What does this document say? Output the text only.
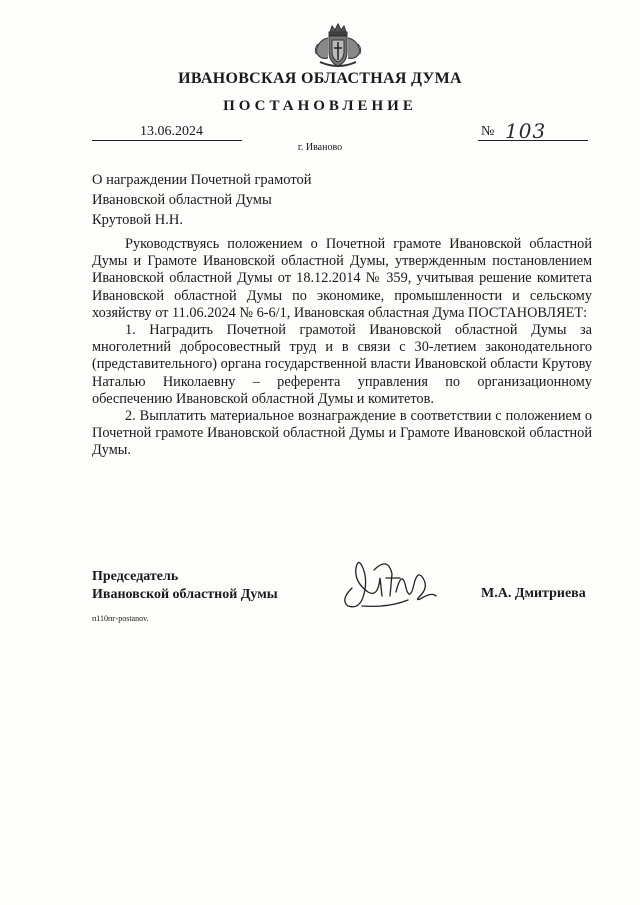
ИВАНОВСКАЯ ОБЛАСТНАЯ ДУМА
ПОСТАНОВЛЕНИЕ
13.06.2024	№ 103
г. Иваново
О награждении Почетной грамотой
Ивановской областной Думы
Крутовой Н.Н.

Руководствуясь положением о Почетной грамоте Ивановской областной Думы и Грамоте Ивановской областной Думы, утвержденным постановлением Ивановской областной Думы от 18.12.2014 № 359, учитывая решение комитета Ивановской областной Думы по экономике, промышленности и сельскому хозяйству от 11.06.2024 № 6-6/1, Ивановская областная Дума ПОСТАНОВЛЯЕТ:

1. Наградить Почетной грамотой Ивановской областной Думы за многолетний добросовестный труд и в связи с 30-летием законодательного (представительного) органа государственной власти Ивановской области Крутову Наталью Николаевну – референта управления по организационному обеспечению Ивановской областной Думы и комитетов.

2. Выплатить материальное вознаграждение в соответствии с положением о Почетной грамоте Ивановской областной Думы и Грамоте Ивановской областной Думы.

Председатель
Ивановской областной Думы	М.А. Дмитриева
п110пг-postanov.
